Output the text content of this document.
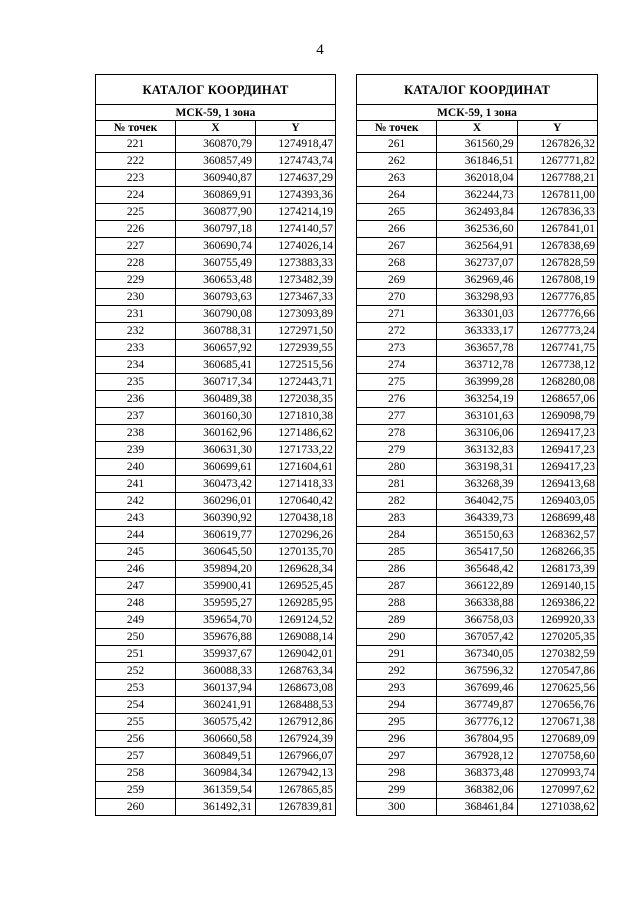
4
КАТАЛОГ КООРДИНАТ		
МСК-59, 1 зона		
№ точек	X	Y
221	360870,79	1274918,47
222	360857,49	1274743,74
223	360940,87	1274637,29
224	360869,91	1274393,36
225	360877,90	1274214,19
226	360797,18	1274140,57
227	360690,74	1274026,14
228	360755,49	1273883,33
229	360653,48	1273482,39
230	360793,63	1273467,33
231	360790,08	1273093,89
232	360788,31	1272971,50
233	360657,92	1272939,55
234	360685,41	1272515,56
235	360717,34	1272443,71
236	360489,38	1272038,35
237	360160,30	1271810,38
238	360162,96	1271486,62
239	360631,30	1271733,22
240	360699,61	1271604,61
241	360473,42	1271418,33
242	360296,01	1270640,42
243	360390,92	1270438,18
244	360619,77	1270296,26
245	360645,50	1270135,70
246	359894,20	1269628,34
247	359900,41	1269525,45
248	359595,27	1269285,95
249	359654,70	1269124,52
250	359676,88	1269088,14
251	359937,67	1269042,01
252	360088,33	1268763,34
253	360137,94	1268673,08
254	360241,91	1268488,53
255	360575,42	1267912,86
256	360660,58	1267924,39
257	360849,51	1267966,07
258	360984,34	1267942,13
259	361359,54	1267865,85
260	361492,31	1267839,81
КАТАЛОГ КООРДИНАТ		
МСК-59, 1 зона		
№ точек	X	Y
261	361560,29	1267826,32
262	361846,51	1267771,82
263	362018,04	1267788,21
264	362244,73	1267811,00
265	362493,84	1267836,33
266	362536,60	1267841,01
267	362564,91	1267838,69
268	362737,07	1267828,59
269	362969,46	1267808,19
270	363298,93	1267776,85
271	363301,03	1267776,66
272	363333,17	1267773,24
273	363657,78	1267741,75
274	363712,78	1267738,12
275	363999,28	1268280,08
276	363254,19	1268657,06
277	363101,63	1269098,79
278	363106,06	1269417,23
279	363132,83	1269417,23
280	363198,31	1269417,23
281	363268,39	1269413,68
282	364042,75	1269403,05
283	364339,73	1268699,48
284	365150,63	1268362,57
285	365417,50	1268266,35
286	365648,42	1268173,39
287	366122,89	1269140,15
288	366338,88	1269386,22
289	366758,03	1269920,33
290	367057,42	1270205,35
291	367340,05	1270382,59
292	367596,32	1270547,86
293	367699,46	1270625,56
294	367749,87	1270656,76
295	367776,12	1270671,38
296	367804,95	1270689,09
297	367928,12	1270758,60
298	368373,48	1270993,74
299	368382,06	1270997,62
300	368461,84	1271038,62
